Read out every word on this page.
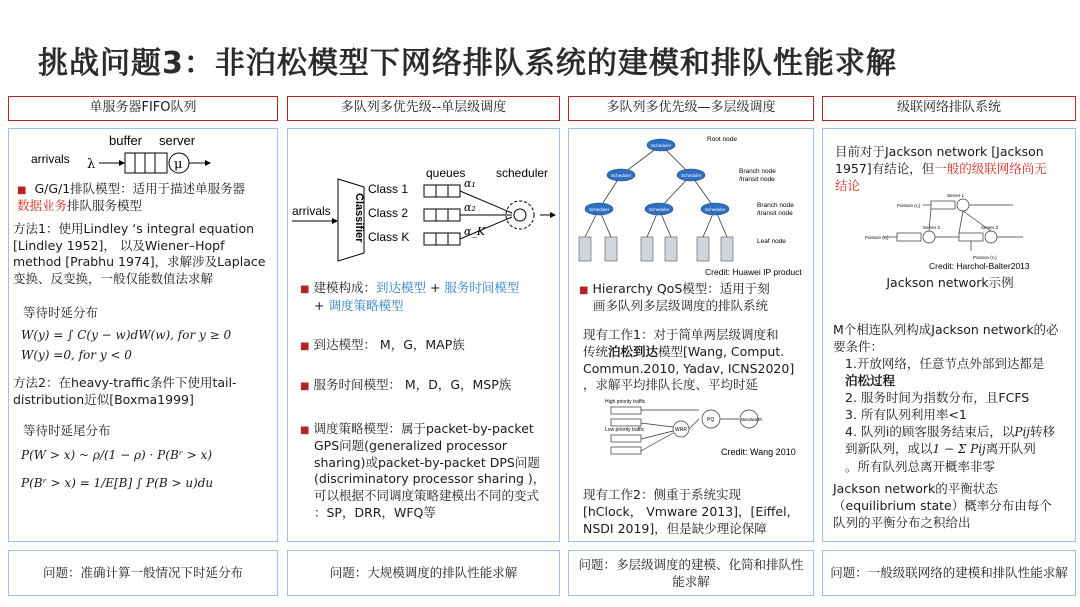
挑战问题3：非泊松模型下网络排队系统的建模和排队性能求解
单服务器FIFO队列	多队列多优先级--单层级调度	多队列多优先级—多层级调度	级联网络排队系统
buffer server
arrivals λ	μ
■ G/G/1排队模型：适用于描述单服务器
数据业务排队服务模型
方法1：使用Lindley ‘s integral equation
[Lindley 1952]， 以及Wiener–Hopf
method [Prabhu 1974]，求解涉及Laplace
变换、反变换，一般仅能数值法求解
等待时延分布
W(y) = ∫ C(y − w)dW(w), for y ≥ 0
W(y) =0, for y < 0
方法2：在heavy-traffic条件下使用tail-
distribution近似[Boxma1999]
等待时延尾分布
P(W > x) ~ ρ/(1 − ρ) · P(Bʳ > x)
P(Bʳ > x) = 1/E[B] ∫ P(B > u)du
queues	scheduler
arrivals Classifier
Class 1
Class 2
Class K
α₁
α₂
α_K
■ 建模构成：到达模型 + 服务时间模型
+ 调度策略模型
■ 到达模型： M，G，MAP族
■ 服务时间模型： M，D，G，MSP族
■ 调度策略模型：属于packet-by-packet
GPS问题(generalized processor
sharing)或packet-by-packet DPS问题
(discriminatory processor sharing )，
可以根据不同调度策略建模出不同的变式
：SP，DRR，WFQ等
Root node
Branch node
/transit node
Branch node
/transit node
Leaf node
Scheduler
Scheduler	Scheduler
Scheduler	Scheduler	Scheduler
Credit: Huawei IP product
■ Hierarchy QoS模型：适用于刻
画多队列多层级调度的排队系统
现有工作1：对于简单两层级调度和
传统泊松到达模型[Wang, Comput.
Commun.2010, Yadav, ICNS2020]
，求解平均排队长度、平均时延
High priority traffic
Low priority traffic	WRR
PQ	Bandwidth
Credit: Wang 2010
现有工作2：侧重于系统实现
[hClock， Vmware 2013]，[Eiffel,
NSDI 2019]，但是缺少理论保障
目前对于Jackson network [Jackson
1957]有结论，但一般的级联网络尚无
结论
Server 1
Server 2	Server 3
Poisson (r₁)
Poisson (r₂)
Poisson (r₃)
Credit: Harchol-Balter2013
Jackson network示例
M个相连队列构成Jackson network的必
要条件：
1.开放网络，任意节点外部到达都是
泊松过程
2. 服务时间为指数分布，且FCFS
3. 所有队列利用率<1
4. 队列i的顾客服务结束后，以Pij转移
到新队列，或以1 − Σ Pij离开队列
。所有队列总离开概率非零
Jackson network的平衡状态
（equilibrium state）概率分布由每个
队列的平衡分布之积给出
问题：准确计算一般情况下时延分布	问题：大规模调度的排队性能求解
问题：多层级调度的建模、化简和排队性能求解
问题：一般级联网络的建模和排队性能求解
